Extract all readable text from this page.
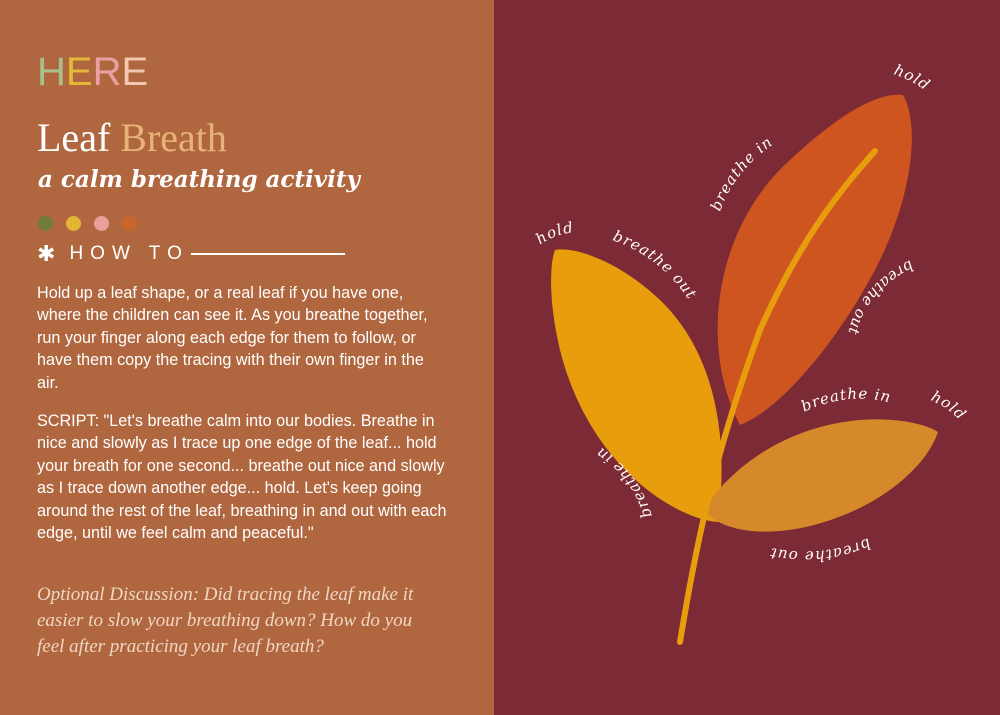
HERE
Leaf Breath
a calm breathing activity
✱ HOW TO

Hold up a leaf shape, or a real leaf if you have one, where the children can see it. As you breathe together, run your finger along each edge for them to follow, or have them copy the tracing with their own finger in the air.

SCRIPT: "Let's breathe calm into our bodies. Breathe in nice and slowly as I trace up one edge of the leaf... hold your breath for one second... breathe out nice and slowly as I trace down another edge... hold. Let's keep going around the rest of the leaf, breathing in and out with each edge, until we feel calm and peaceful."

Optional Discussion: Did tracing the leaf make it easier to slow your breathing down? How do you feel after practicing your leaf breath?

hold
breathe in
breathe out
hold breathe out
breathe in
breathe in hold
breathe out
